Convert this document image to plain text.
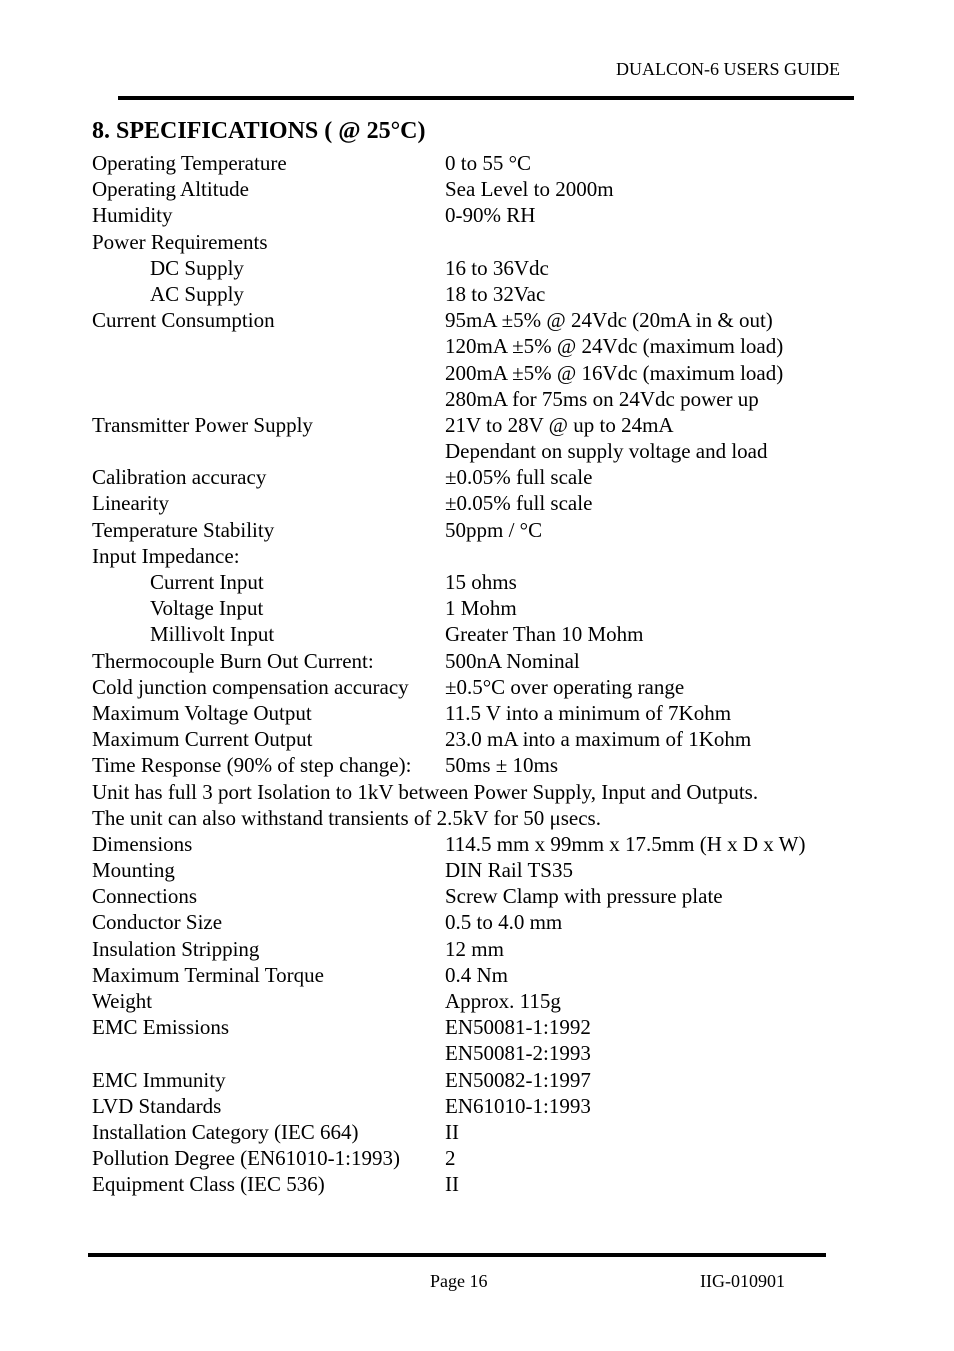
DUALCON-6 USERS GUIDE
8. SPECIFICATIONS ( @ 25°C)
Operating Temperature	0 to 55 °C
Operating Altitude	Sea Level to 2000m
Humidity	0-90% RH
Power Requirements
DC Supply	16 to 36Vdc
AC Supply	18 to 32Vac
Current Consumption	95mA ±5% @ 24Vdc (20mA in & out)
120mA ±5% @ 24Vdc (maximum load)
200mA ±5% @ 16Vdc (maximum load)
280mA for 75ms on 24Vdc power up
Transmitter Power Supply	21V to 28V @ up to 24mA
Dependant on supply voltage and load
Calibration accuracy	±0.05% full scale
Linearity	±0.05% full scale
Temperature Stability	50ppm / °C
Input Impedance:
Current Input	15 ohms
Voltage Input	1 Mohm
Millivolt Input	Greater Than 10 Mohm
Thermocouple Burn Out Current:	500nA Nominal
Cold junction compensation accuracy	±0.5°C over operating range
Maximum Voltage Output	11.5 V into a minimum of 7Kohm
Maximum Current Output	23.0 mA into a maximum of 1Kohm
Time Response (90% of step change):	50ms ± 10ms
Unit has full 3 port Isolation to 1kV between Power Supply, Input and Outputs.
The unit can also withstand transients of 2.5kV for 50 μsecs.
Dimensions	114.5 mm x 99mm x 17.5mm (H x D x W)
Mounting	DIN Rail TS35
Connections	Screw Clamp with pressure plate
Conductor Size	0.5 to 4.0 mm
Insulation Stripping	12 mm
Maximum Terminal Torque	0.4 Nm
Weight	Approx. 115g
EMC Emissions	EN50081-1:1992
EN50081-2:1993
EMC Immunity	EN50082-1:1997
LVD Standards	EN61010-1:1993
Installation Category (IEC 664)	II
Pollution Degree (EN61010-1:1993)	2
Equipment Class (IEC 536)	II
Page 16	IIG-010901
